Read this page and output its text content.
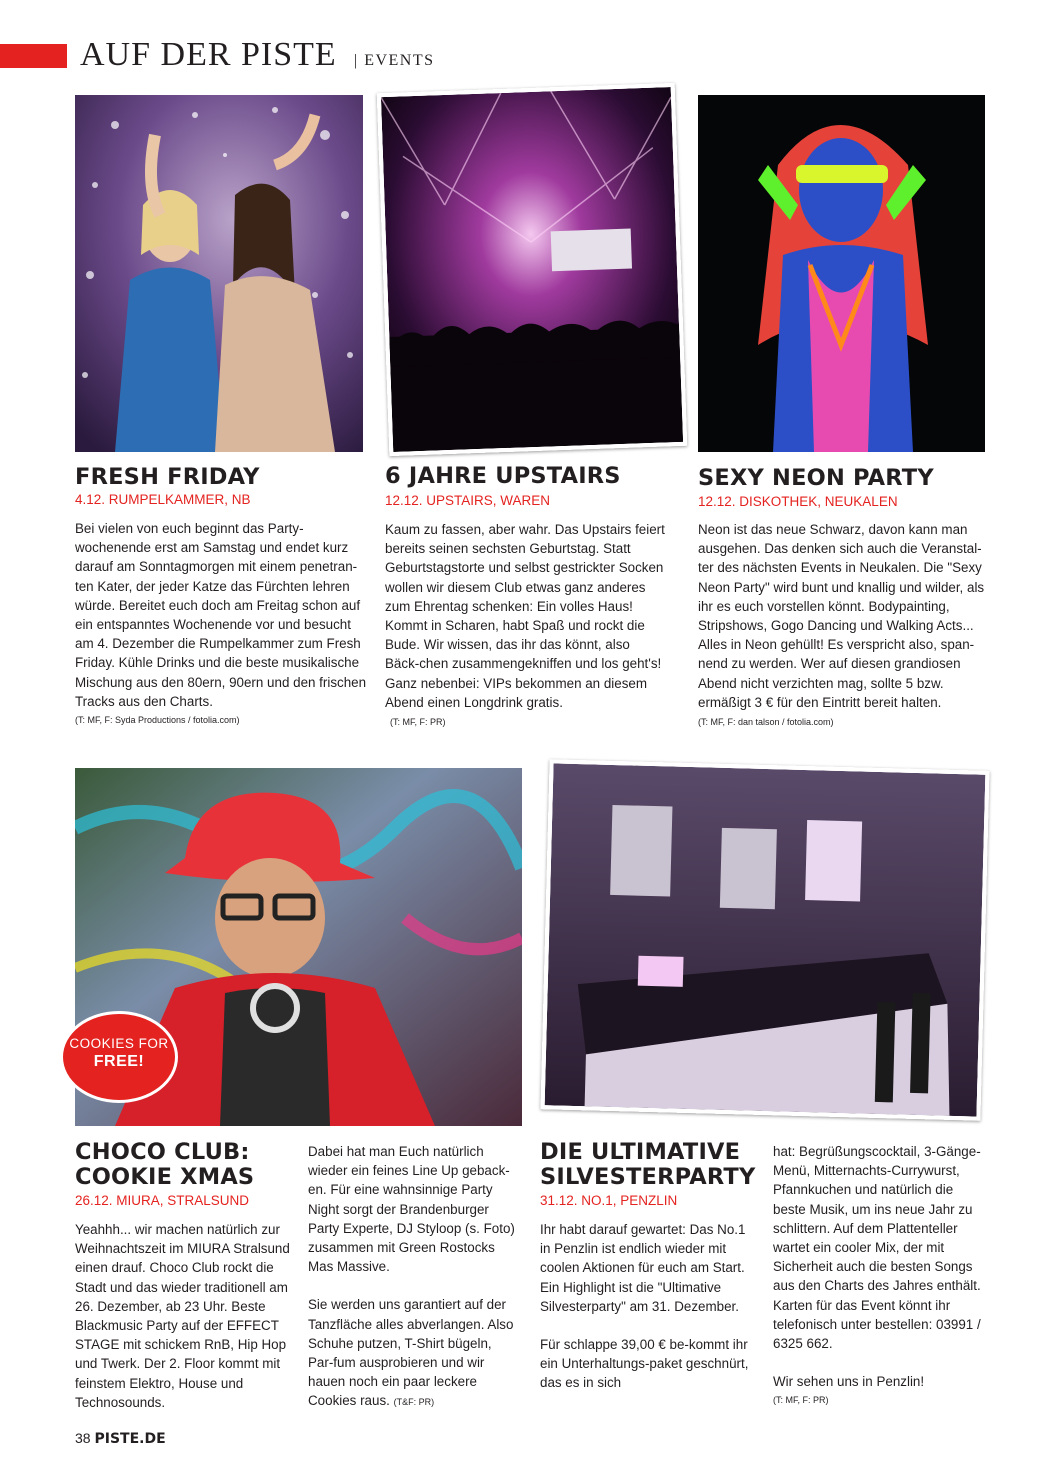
AUF DER PISTE | EVENTS
FRESH FRIDAY
4.12. RUMPELKAMMER, NB
Bei vielen von euch beginnt das Party-wochenende erst am Samstag und endet kurz darauf am Sonntagmorgen mit einem penetran-ten Kater, der jeder Katze das Fürchten lehren würde. Bereitet euch doch am Freitag schon auf ein entspanntes Wochenende vor und besucht am 4. Dezember die Rumpelkammer zum Fresh Friday. Kühle Drinks und die beste musikalische Mischung aus den 80ern, 90ern und den frischen Tracks aus den Charts.
(T: MF, F: Syda Productions / fotolia.com)
6 JAHRE UPSTAIRS
12.12. UPSTAIRS, WAREN
Kaum zu fassen, aber wahr. Das Upstairs feiert bereits seinen sechsten Geburtstag. Statt Geburtstagstorte und selbst gestrickter Socken wollen wir diesem Club etwas ganz anderes zum Ehrentag schenken: Ein volles Haus! Kommt in Scharen, habt Spaß und rockt die Bude. Wir wissen, das ihr das könnt, also Bäck-chen zusammengekniffen und los geht's! Ganz nebenbei: VIPs bekommen an diesem Abend einen Longdrink gratis.
(T: MF, F: PR)
SEXY NEON PARTY
12.12. DISKOTHEK, NEUKALEN
Neon ist das neue Schwarz, davon kann man ausgehen. Das denken sich auch die Veranstal-ter des nächsten Events in Neukalen. Die "Sexy Neon Party" wird bunt und knallig und wilder, als ihr es euch vorstellen könnt. Bodypainting, Stripshows, Gogo Dancing und Walking Acts... Alles in Neon gehüllt! Es verspricht also, span-nend zu werden. Wer auf diesen grandiosen Abend nicht verzichten mag, sollte 5 bzw. ermäßigt 3 € für den Eintritt bereit halten.
(T: MF, F: dan talson / fotolia.com)
COOKIES FOR
FREE!
CHOCO CLUB:
COOKIE XMAS
26.12. MIURA, STRALSUND
Yeahhh... wir machen natürlich zur Weihnachtszeit im MIURA Stralsund einen drauf. Choco Club rockt die Stadt und das wieder traditionell am 26. Dezember, ab 23 Uhr. Beste Blackmusic Party auf der EFFECT STAGE mit schickem RnB, Hip Hop und Twerk. Der 2. Floor kommt mit feinstem Elektro, House und Technosounds.

Dabei hat man Euch natürlich wieder ein feines Line Up geback-en. Für eine wahnsinnige Party Night sorgt der Brandenburger Party Experte, DJ Styloop (s. Foto) zusammen mit Green Rostocks Mas Massive.

Sie werden uns garantiert auf der Tanzfläche alles abverlangen. Also Schuhe putzen, T-Shirt bügeln, Par-fum ausprobieren und wir hauen noch ein paar leckere Cookies raus. (T&F: PR)

DIE ULTIMATIVE
SILVESTERPARTY
31.12. NO.1, PENZLIN

Ihr habt darauf gewartet: Das No.1 in Penzlin ist endlich wieder mit coolen Aktionen für euch am Start. Ein Highlight ist die "Ultimative Silvesterparty" am 31. Dezember.

Für schlappe 39,00 € be-kommt ihr ein Unterhaltungs-paket geschnürt, das es in sich

hat: Begrüßungscocktail, 3-Gänge-Menü, Mitternachts-Currywurst, Pfannkuchen und natürlich die beste Musik, um ins neue Jahr zu schlittern. Auf dem Plattenteller wartet ein cooler Mix, der mit Sicherheit auch die besten Songs aus den Charts des Jahres enthält. Karten für das Event könnt ihr telefonisch unter bestellen: 03991 / 6325 662.

Wir sehen uns in Penzlin!

(T: MF, F: PR)
38 PISTE.DE
